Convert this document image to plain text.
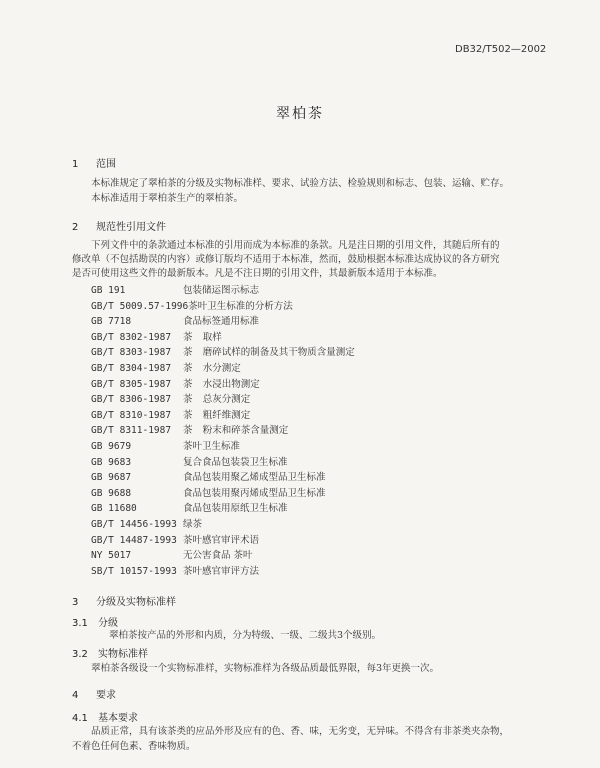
DB32/T502—2002
翠柏茶
1 范围
本标准规定了翠柏茶的分级及实物标准样、要求、试验方法、检验规则和标志、包装、运输、贮存。
本标准适用于翠柏茶生产的翠柏茶。
2 规范性引用文件
下列文件中的条款通过本标准的引用而成为本标准的条款。凡是注日期的引用文件，其随后所有的
修改单（不包括勘误的内容）或修订版均不适用于本标准，然而，鼓励根据本标准达成协议的各方研究
是否可使用这些文件的最新版本。凡是不注日期的引用文件，其最新版本适用于本标准。
GB 191	包装储运图示标志
GB/T 5009.57-1996茶叶卫生标准的分析方法
GB 7718	食品标签通用标准
GB/T 8302-1987 茶 取样
GB/T 8303-1987 茶 磨碎试样的制备及其干物质含量测定
GB/T 8304-1987 茶 水分测定
GB/T 8305-1987 茶 水浸出物测定
GB/T 8306-1987 茶 总灰分测定
GB/T 8310-1987 茶 粗纤维测定
GB/T 8311-1987 茶 粉末和碎茶含量测定
GB 9679	茶叶卫生标准
GB 9683	复合食品包装袋卫生标准
GB 9687	食品包装用聚乙烯成型品卫生标准
GB 9688	食品包装用聚丙烯成型品卫生标准
GB 11680	食品包装用原纸卫生标准
GB/T 14456-1993 绿茶
GB/T 14487-1993 茶叶感官审评术语
NY 5017	无公害食品 茶叶
SB/T 10157-1993 茶叶感官审评方法
3 分级及实物标准样
3.1 分级
翠柏茶按产品的外形和内质，分为特级、一级、二级共3个级别。
3.2 实物标准样
翠柏茶各级设一个实物标准样，实物标准样为各级品质最低界限，每3年更换一次。
4 要求
4.1 基本要求
品质正常，具有该茶类的应品外形及应有的色、香、味，无劣变，无异味。不得含有非茶类夹杂物，
不着色任何色素、香味物质。
